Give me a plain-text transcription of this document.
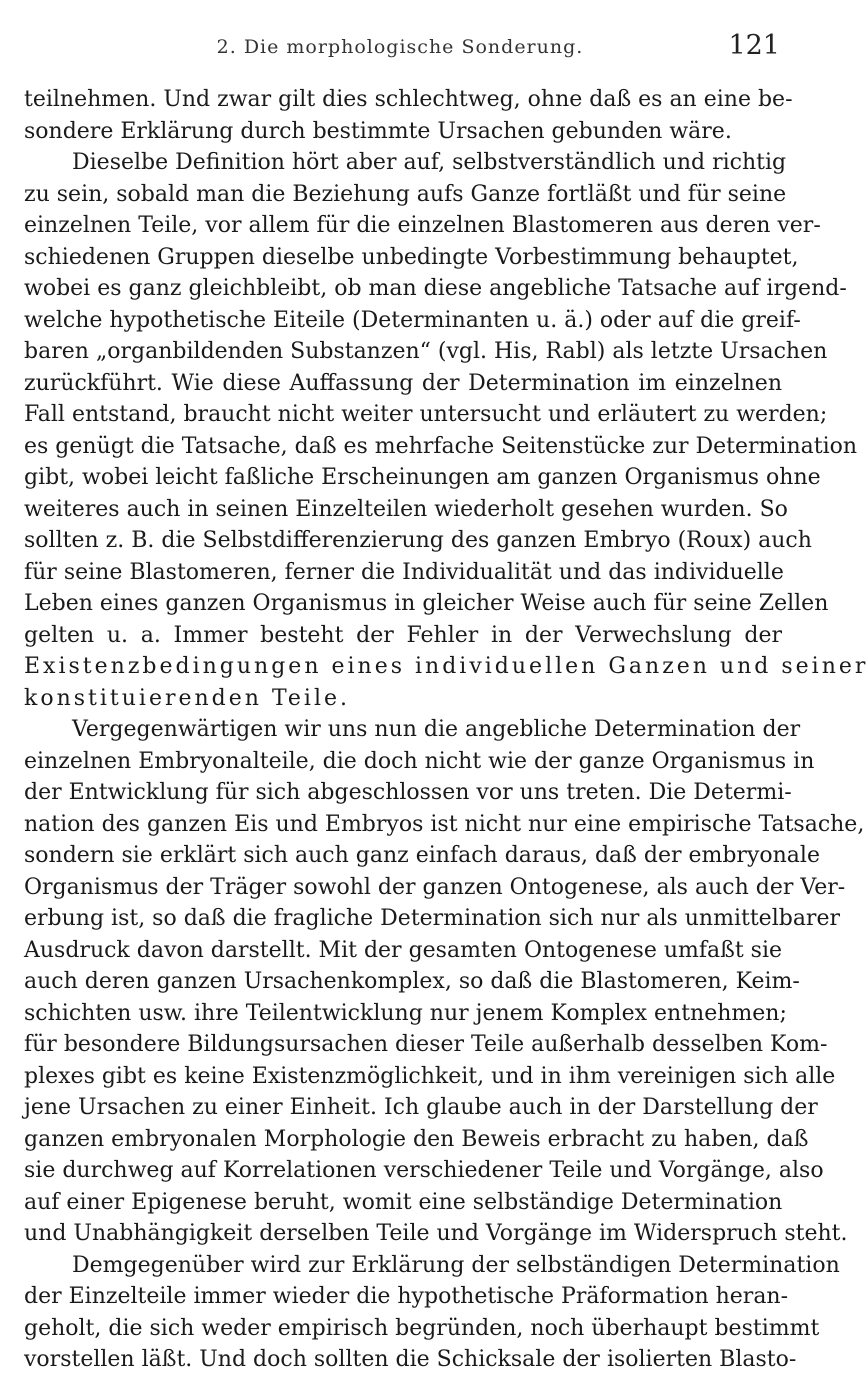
2. Die morphologische Sonderung.	121
teilnehmen. Und zwar gilt dies schlechtweg, ohne daß es an eine be-
sondere Erklärung durch bestimmte Ursachen gebunden wäre.
Dieselbe Definition hört aber auf, selbstverständlich und richtig
zu sein, sobald man die Beziehung aufs Ganze fortläßt und für seine
einzelnen Teile, vor allem für die einzelnen Blastomeren aus deren ver-
schiedenen Gruppen dieselbe unbedingte Vorbestimmung behauptet,
wobei es ganz gleichbleibt, ob man diese angebliche Tatsache auf irgend-
welche hypothetische Eiteile (Determinanten u. ä.) oder auf die greif-
baren „organbildenden Substanzen“ (vgl. His, Rabl) als letzte Ursachen
zurückführt. Wie diese Auffassung der Determination im einzelnen
Fall entstand, braucht nicht weiter untersucht und erläutert zu werden;
es genügt die Tatsache, daß es mehrfache Seitenstücke zur Determination
gibt, wobei leicht faßliche Erscheinungen am ganzen Organismus ohne
weiteres auch in seinen Einzelteilen wiederholt gesehen wurden. So
sollten z. B. die Selbstdifferenzierung des ganzen Embryo (Roux) auch
für seine Blastomeren, ferner die Individualität und das individuelle
Leben eines ganzen Organismus in gleicher Weise auch für seine Zellen
gelten u. a. Immer besteht der Fehler in der Verwechslung der
Existenzbedingungen eines individuellen Ganzen und seiner
konstituierenden Teile.
Vergegenwärtigen wir uns nun die angebliche Determination der
einzelnen Embryonalteile, die doch nicht wie der ganze Organismus in
der Entwicklung für sich abgeschlossen vor uns treten. Die Determi-
nation des ganzen Eis und Embryos ist nicht nur eine empirische Tatsache,
sondern sie erklärt sich auch ganz einfach daraus, daß der embryonale
Organismus der Träger sowohl der ganzen Ontogenese, als auch der Ver-
erbung ist, so daß die fragliche Determination sich nur als unmittelbarer
Ausdruck davon darstellt. Mit der gesamten Ontogenese umfaßt sie
auch deren ganzen Ursachenkomplex, so daß die Blastomeren, Keim-
schichten usw. ihre Teilentwicklung nur jenem Komplex entnehmen;
für besondere Bildungsursachen dieser Teile außerhalb desselben Kom-
plexes gibt es keine Existenzmöglichkeit, und in ihm vereinigen sich alle
jene Ursachen zu einer Einheit. Ich glaube auch in der Darstellung der
ganzen embryonalen Morphologie den Beweis erbracht zu haben, daß
sie durchweg auf Korrelationen verschiedener Teile und Vorgänge, also
auf einer Epigenese beruht, womit eine selbständige Determination
und Unabhängigkeit derselben Teile und Vorgänge im Widerspruch steht.
Demgegenüber wird zur Erklärung der selbständigen Determination
der Einzelteile immer wieder die hypothetische Präformation heran-
geholt, die sich weder empirisch begründen, noch überhaupt bestimmt
vorstellen läßt. Und doch sollten die Schicksale der isolierten Blasto-
